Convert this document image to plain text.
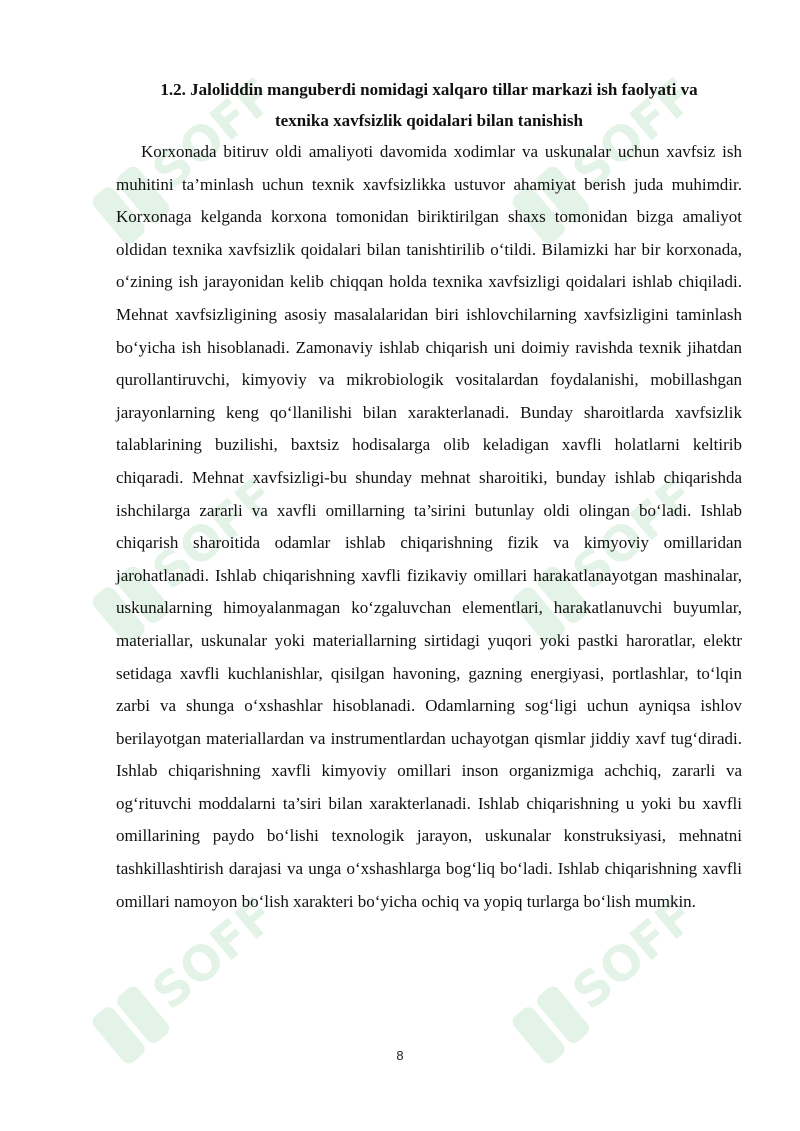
SOFF	SOFF
SOFF	SOFF
SOFF	SOFF
1.2. Jaloliddin manguberdi nomidagi xalqaro tillar markazi ish faolyati va
texnika xavfsizlik qoidalari bilan tanishish

Korxonada bitiruv oldi amaliyoti davomida xodimlar va uskunalar uchun xavfsiz ish muhitini ta’minlash uchun texnik xavfsizlikka ustuvor ahamiyat berish juda muhimdir. Korxonaga kelganda korxona tomonidan biriktirilgan shaxs tomonidan bizga amaliyot oldidan texnika xavfsizlik qoidalari bilan tanishtirilib o‘tildi. Bilamizki har bir korxonada, o‘zining ish jarayonidan kelib chiqqan holda texnika xavfsizligi qoidalari ishlab chiqiladi. Mehnat xavfsizligining asosiy masalalaridan biri ishlovchilarning xavfsizligini taminlash bo‘yicha ish hisoblanadi. Zamonaviy ishlab chiqarish uni doimiy ravishda texnik jihatdan qurollantiruvchi, kimyoviy va mikrobiologik vositalardan foydalanishi, mobillashgan jarayonlarning keng qo‘llanilishi bilan xarakterlanadi. Bunday sharoitlarda xavfsizlik talablarining buzilishi, baxtsiz hodisalarga olib keladigan xavfli holatlarni keltirib chiqaradi. Mehnat xavfsizligi-bu shunday mehnat sharoitiki, bunday ishlab chiqarishda ishchilarga zararli va xavfli omillarning ta’sirini butunlay oldi olingan bo‘ladi. Ishlab chiqarish sharoitida odamlar ishlab chiqarishning fizik va kimyoviy omillaridan jarohatlanadi. Ishlab chiqarishning xavfli fizikaviy omillari harakatlanayotgan mashinalar, uskunalarning himoyalanmagan ko‘zgaluvchan elementlari, harakatlanuvchi buyumlar, materiallar, uskunalar yoki materiallarning sirtidagi yuqori yoki pastki haroratlar, elektr setidaga xavfli kuchlanishlar, qisilgan havoning, gazning energiyasi, portlashlar, to‘lqin zarbi va shunga o‘xshashlar hisoblanadi. Odamlarning sog‘ligi uchun ayniqsa ishlov berilayotgan materiallardan va instrumentlardan uchayotgan qismlar jiddiy xavf tug‘diradi. Ishlab chiqarishning xavfli kimyoviy omillari inson organizmiga achchiq, zararli va og‘rituvchi moddalarni ta’siri bilan xarakterlanadi. Ishlab chiqarishning u yoki bu xavfli omillarining paydo bo‘lishi texnologik jarayon, uskunalar konstruksiyasi, mehnatni tashkillashtirish darajasi va unga o‘xshashlarga bog‘liq bo‘ladi. Ishlab chiqarishning xavfli omillari namoyon bo‘lish xarakteri bo‘yicha ochiq va yopiq turlarga bo‘lish mumkin.

8
